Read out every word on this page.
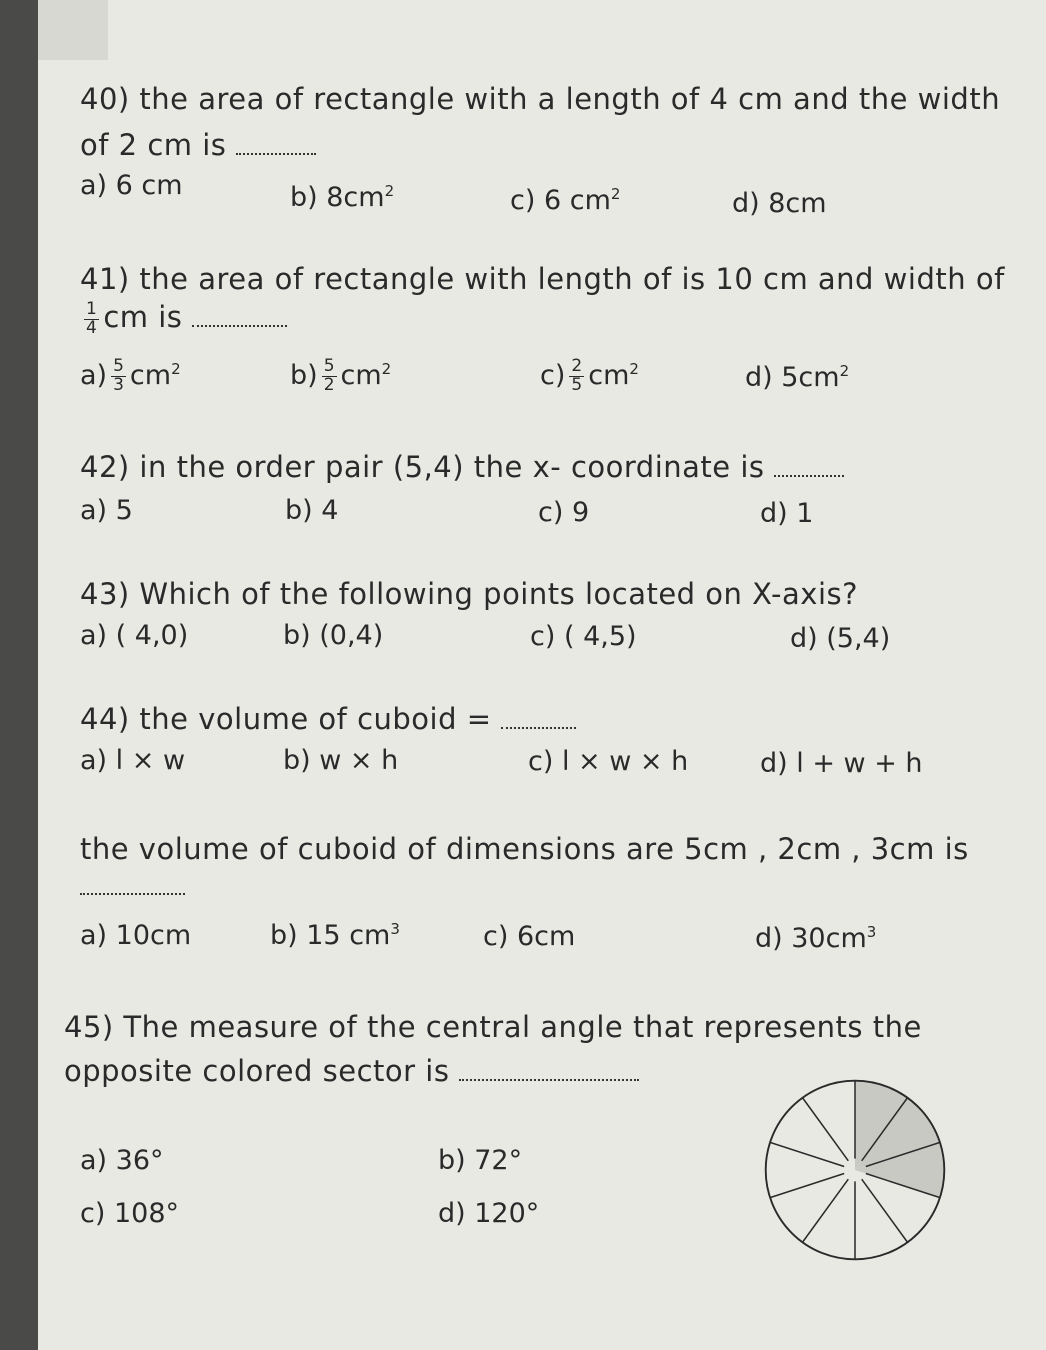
40) the area of rectangle with a length of 4 cm and the width
of 2 cm is
a) 6 cm	b) $8cm^2$	c) 6 $cm^2$	d) 8cm
41) the area of rectangle with length of is 10 cm and width of
$\frac{1}{4}$ cm is
$a) \frac{5}{3} cm^2$	$b) \frac{5}{2} cm^2$	$c) \frac{2}{5} cm^2$	d) $5cm^2$
42) in the order pair (5,4) the x- coordinate is
a) 5	b) 4	c) 9	d) 1
43) Which of the following points located on X-axis?
a) ( 4,0)	b) (0,4)	c) ( 4,5)	d) (5,4)
44) the volume of cuboid =
a) l × w	b) w × h	c) l × w × h	d) l + w + h
the volume of cuboid of dimensions are 5cm , 2cm , 3cm is
a) 10cm	b) 15 $cm^3$	c) 6cm	d) $30cm^3$
45) The measure of the central angle that represents the
opposite colored sector is
a) 36°	b) 72°
c) 108°	d) 120°
